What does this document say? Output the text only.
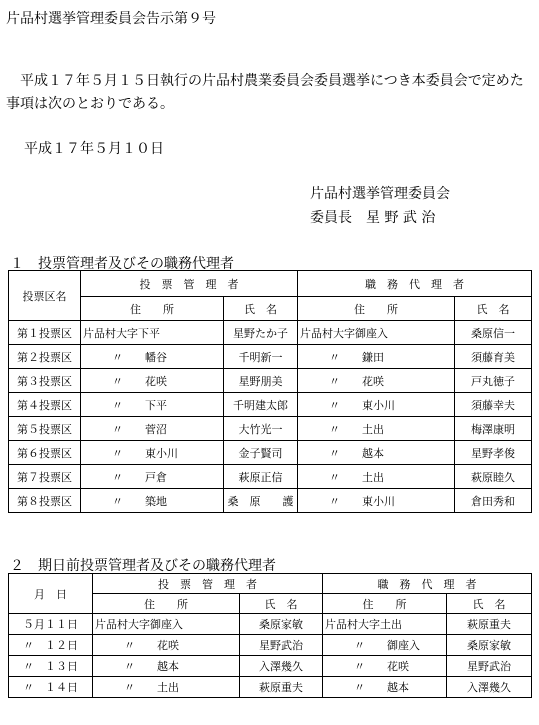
片品村選挙管理委員会告示第９号
　平成１７年５月１５日執行の片品村農業委員会委員選挙につき本委員会で定めた事項は次のとおりである。
平成１７年５月１０日
片品村選挙管理委員会
委員長　星 野 武 治
１　投票管理者及びその職務代理者
投票区名	投　票　管　理　者		職　務　代　理　者	
	住　　所	氏　名	住　　所	氏　名
第１投票区	片品村大字下平	星野たか子	片品村大字御座入	桑原信一
第２投票区	〃　　幡谷	千明新一	〃　　鎌田	須藤育美
第３投票区	〃　　花咲	星野朋美	〃　　花咲	戸丸徳子
第４投票区	〃　　下平	千明建太郎	〃　　東小川	須藤幸夫
第５投票区	〃　　菅沼	大竹光一	〃　　土出	梅澤康明
第６投票区	〃　　東小川	金子賢司	〃　　越本	星野孝俊
第７投票区	〃　　戸倉	萩原正信	〃　　土出	萩原睦久
第８投票区	〃　　築地	桑　原　　護	〃　　東小川	倉田秀和
２　期日前投票管理者及びその職務代理者
月　日	投　票　管　理　者		職　務　代　理　者	
	住　　所	氏　名	住　　所	氏　名
５月１１日	片品村大字御座入	桑原家敏	片品村大字土出	萩原重夫
〃　１２日	〃　　花咲	星野武治	〃　　御座入	桑原家敏
〃　１３日	〃　　越本	入澤幾久	〃　　花咲	星野武治
〃　１４日	〃　　土出	萩原重夫	〃　　越本	入澤幾久
